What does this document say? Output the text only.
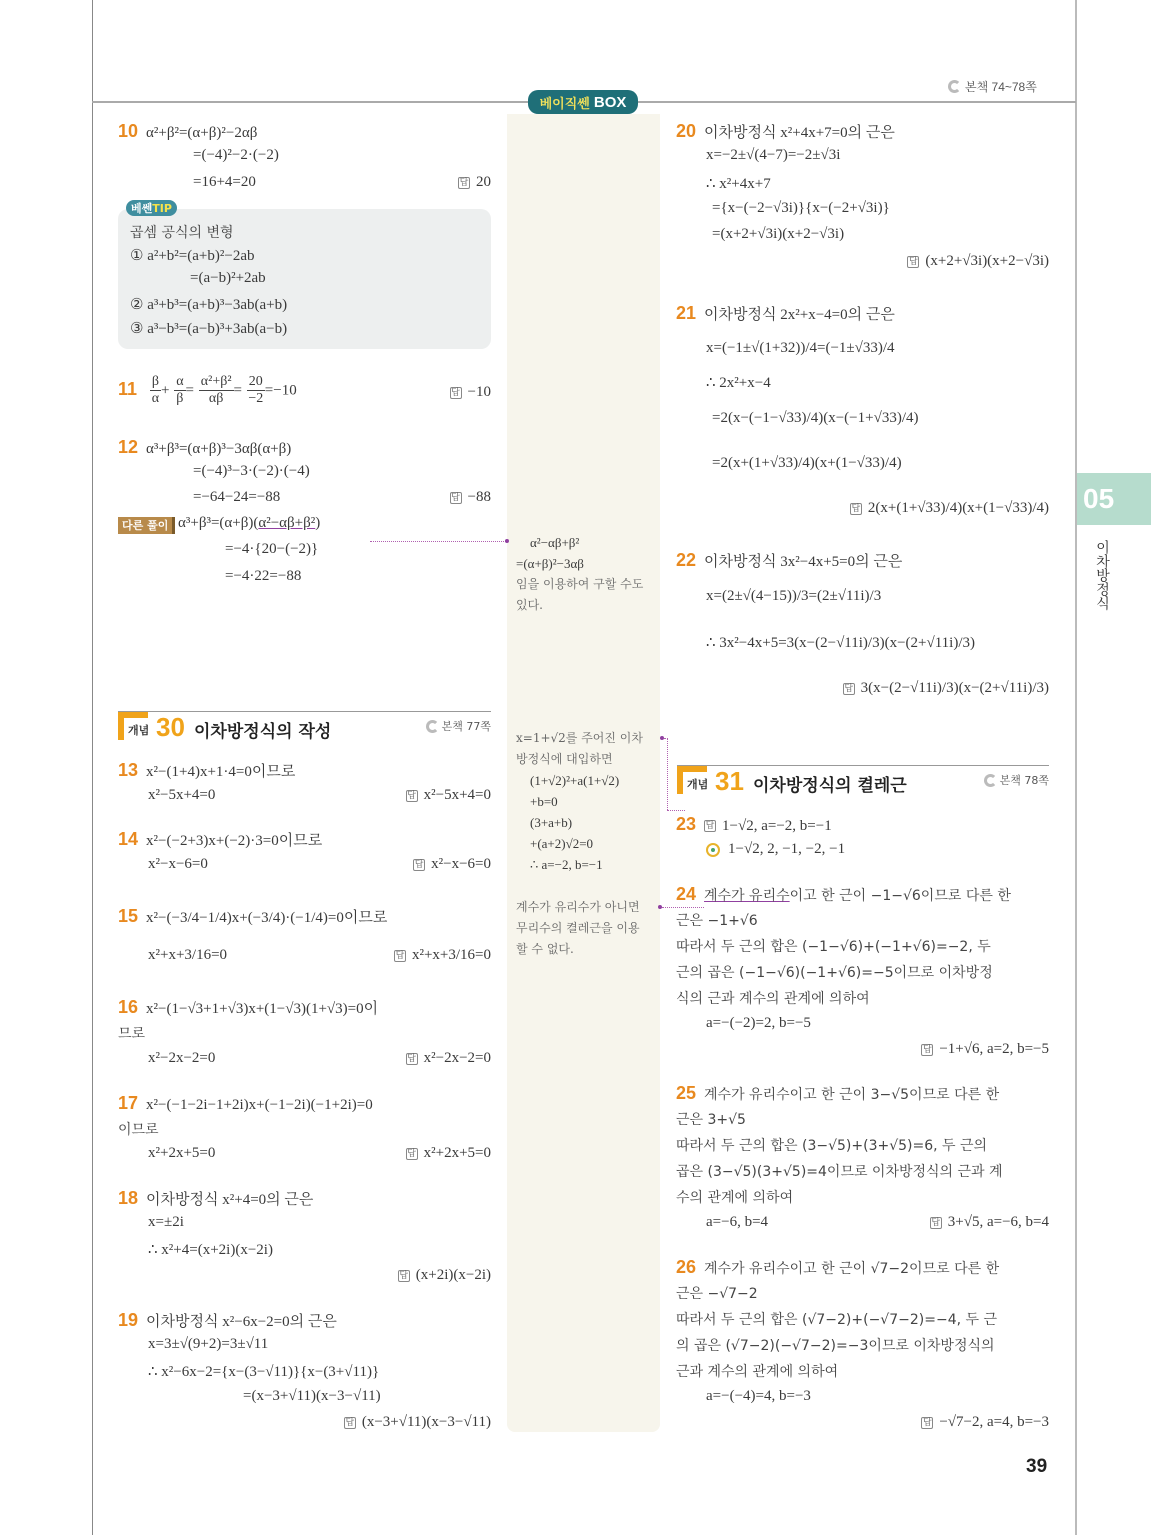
본책 74~78쪽
베이직쎈 BOX
10 α²+β²=(α+β)²−2αβ
=(−4)²−2·(−2)
=16+4=20	답 20
베쎈TIP
곱셈 공식의 변형
① a²+b²=(a+b)²−2ab
=(a−b)²+2ab
② a³+b³=(a+b)³−3ab(a+b)
③ a³−b³=(a−b)³+3ab(a−b)
$11 \frac{\beta}{\alpha} + \frac{\alpha}{\beta} = \frac{\text{α²+β²}}{\alpha\beta} = \frac{20}{-2} =-10$	답 −10
12 α³+β³=(α+β)³−3αβ(α+β)
=(−4)³−3·(−2)·(−4)
=−64−24=−88	답 −88
다른 풀이 α³+β³=(α+β)(α²−αβ+β²)
=−4·{20−(−2)}
=−4·22=−88
개념 30 이차방정식의 작성	본책 77쪽
13 x²−(1+4)x+1·4=0이므로
x²−5x+4=0	답 x²−5x+4=0
14 x²−(−2+3)x+(−2)·3=0이므로
x²−x−6=0	답 x²−x−6=0
15 x²−(−3/4−1/4)x+(−3/4)·(−1/4)=0이므로
x²+x+3/16=0	답 x²+x+3/16=0
16 x²−(1−√3+1+√3)x+(1−√3)(1+√3)=0이
므로
x²−2x−2=0	답 x²−2x−2=0
17 x²−(−1−2i−1+2i)x+(−1−2i)(−1+2i)=0
이므로
x²+2x+5=0	답 x²+2x+5=0
18 이차방정식 x²+4=0의 근은
x=±2i
∴ x²+4=(x+2i)(x−2i)
답 (x+2i)(x−2i)
19 이차방정식 x²−6x−2=0의 근은
x=3±√(9+2)=3±√11
∴ x²−6x−2={x−(3−√11)}{x−(3+√11)}
=(x−3+√11)(x−3−√11)
답 (x−3+√11)(x−3−√11)
α²−αβ+β²
=(α+β)²−3αβ
임을 이용하여 구할 수도
있다.
x=1+√2를 주어진 이차
방정식에 대입하면
(1+√2)²+a(1+√2)
+b=0
(3+a+b)
+(a+2)√2=0
∴ a=−2, b=−1
계수가 유리수가 아니면
무리수의 켤레근을 이용
할 수 없다.
20 이차방정식 x²+4x+7=0의 근은
x=−2±√(4−7)=−2±√3i
∴ x²+4x+7
={x−(−2−√3i)}{x−(−2+√3i)}
=(x+2+√3i)(x+2−√3i)
답 (x+2+√3i)(x+2−√3i)
21 이차방정식 2x²+x−4=0의 근은
x=(−1±√(1+32))/4=(−1±√33)/4
∴ 2x²+x−4
=2(x−(−1−√33)/4)(x−(−1+√33)/4)
=2(x+(1+√33)/4)(x+(1−√33)/4)
답 2(x+(1+√33)/4)(x+(1−√33)/4)
22 이차방정식 3x²−4x+5=0의 근은
x=(2±√(4−15))/3=(2±√11i)/3
∴ 3x²−4x+5=3(x−(2−√11i)/3)(x−(2+√11i)/3)
답 3(x−(2−√11i)/3)(x−(2+√11i)/3)
개념 31 이차방정식의 켤레근	본책 78쪽
23 답 1−√2, a=−2, b=−1
1−√2, 2, −1, −2, −1
24 계수가 유리수이고 한 근이 −1−√6이므로 다른 한
근은 −1+√6
따라서 두 근의 합은 (−1−√6)+(−1+√6)=−2, 두
근의 곱은 (−1−√6)(−1+√6)=−5이므로 이차방정
식의 근과 계수의 관계에 의하여
a=−(−2)=2, b=−5
답 −1+√6, a=2, b=−5
25 계수가 유리수이고 한 근이 3−√5이므로 다른 한
근은 3+√5
따라서 두 근의 합은 (3−√5)+(3+√5)=6, 두 근의
곱은 (3−√5)(3+√5)=4이므로 이차방정식의 근과 계
수의 관계에 의하여
a=−6, b=4	답 3+√5, a=−6, b=4
26 계수가 유리수이고 한 근이 √7−2이므로 다른 한
근은 −√7−2
따라서 두 근의 합은 (√7−2)+(−√7−2)=−4, 두 근
의 곱은 (√7−2)(−√7−2)=−3이므로 이차방정식의
근과 계수의 관계에 의하여
a=−(−4)=4, b=−3
답 −√7−2, a=4, b=−3
05
이차방정식
39
